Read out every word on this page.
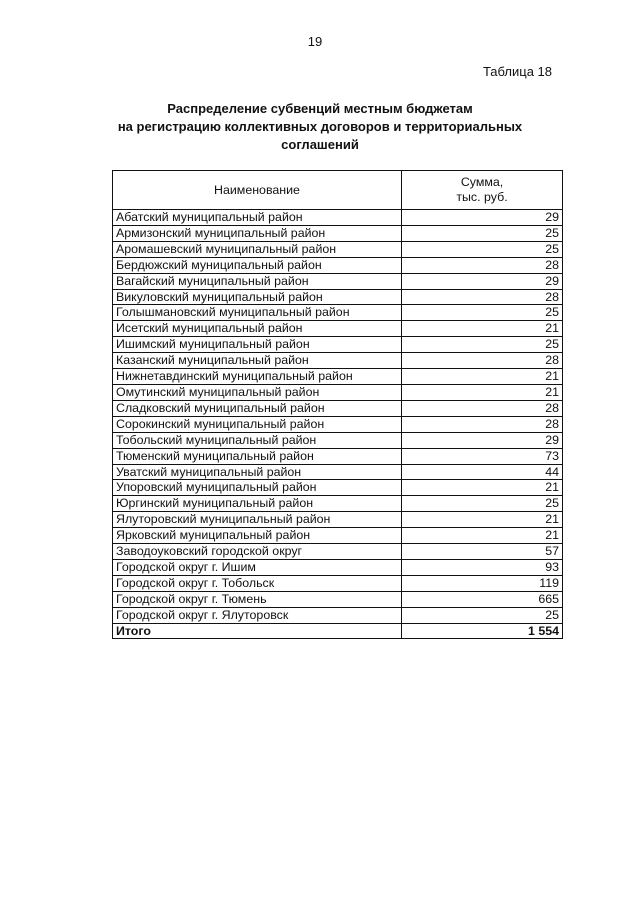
19
Таблица 18
Распределение субвенций местным бюджетам
на регистрацию коллективных договоров и территориальных
соглашений
Наименование	Сумма,
тыс. руб.

Абатский муниципальный район	29
Армизонский муниципальный район	25
Аромашевский муниципальный район	25
Бердюжский муниципальный район	28
Вагайский муниципальный район	29
Викуловский муниципальный район	28
Голышмановский муниципальный район	25
Исетский муниципальный район	21
Ишимский муниципальный район	25
Казанский муниципальный район	28
Нижнетавдинский муниципальный район	21
Омутинский муниципальный район	21
Сладковский муниципальный район	28
Сорокинский муниципальный район	28
Тобольский муниципальный район	29
Тюменский муниципальный район	73
Уватский муниципальный район	44
Упоровский муниципальный район	21
Юргинский муниципальный район	25
Ялуторовский муниципальный район	21
Ярковский муниципальный район	21
Заводоуковский городской округ	57
Городской округ г. Ишим	93
Городской округ г. Тобольск	119
Городской округ г. Тюмень	665
Городской округ г. Ялуторовск	25
Итого	1 554
